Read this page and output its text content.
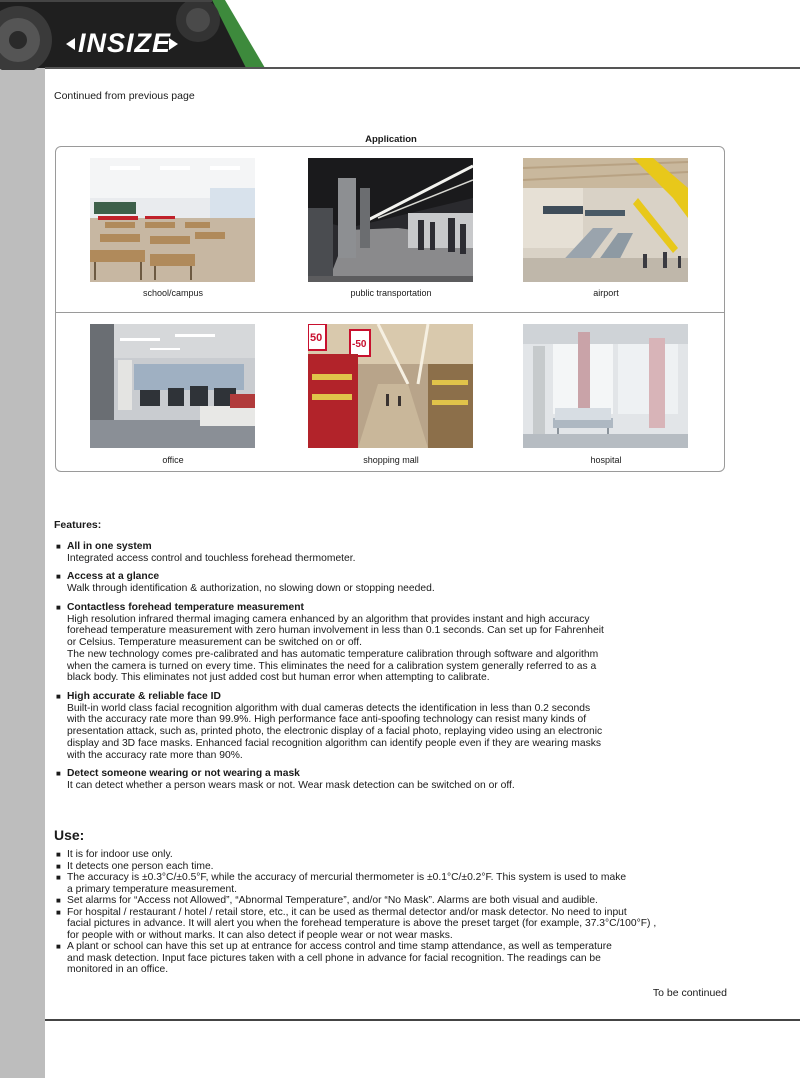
INSIZE
Continued from previous page
Application
school/campus	public transportation	airport
50
-50
office	shopping mall	hospital
Features:
■ All in one system
Integrated access control and touchless forehead thermometer.
■ Access at a glance
Walk through identification & authorization, no slowing down or stopping needed.
■ Contactless forehead temperature measurement
High resolution infrared thermal imaging camera enhanced by an algorithm that provides instant and high accuracy
forehead temperature measurement with zero human involvement in less than 0.1 seconds. Can set up for Fahrenheit
or Celsius. Temperature measurement can be switched on or off.
The new technology comes pre-calibrated and has automatic temperature calibration through software and algorithm
when the camera is turned on every time. This eliminates the need for a calibration system generally referred to as a
black body. This eliminates not just added cost but human error when attempting to calibrate.
■ High accurate & reliable face ID
Built-in world class facial recognition algorithm with dual cameras detects the identification in less than 0.2 seconds
with the accuracy rate more than 99.9%. High performance face anti-spoofing technology can resist many kinds of
presentation attack, such as, printed photo, the electronic display of a facial photo, replaying video using an electronic
display and 3D face masks. Enhanced facial recognition algorithm can identify people even if they are wearing masks
with the accuracy rate more than 90%.
■ Detect someone wearing or not wearing a mask
It can detect whether a person wears mask or not. Wear mask detection can be switched on or off.
Use:
■ It is for indoor use only.
■ It detects one person each time.
■ The accuracy is ±0.3°C/±0.5°F, while the accuracy of mercurial thermometer is ±0.1°C/±0.2°F. This system is used to make
a primary temperature measurement.
■ Set alarms for “Access not Allowed”, “Abnormal Temperature”, and/or “No Mask”. Alarms are both visual and audible.
■ For hospital / restaurant / hotel / retail store, etc., it can be used as thermal detector and/or mask detector. No need to input
facial pictures in advance. It will alert you when the forehead temperature is above the preset target (for example, 37.3°C/100°F) ,
for people with or without marks. It can also detect if people wear or not wear masks.
■ A plant or school can have this set up at entrance for access control and time stamp attendance, as well as temperature
and mask detection. Input face pictures taken with a cell phone in advance for facial recognition. The readings can be
monitored in an office.
To be continued
